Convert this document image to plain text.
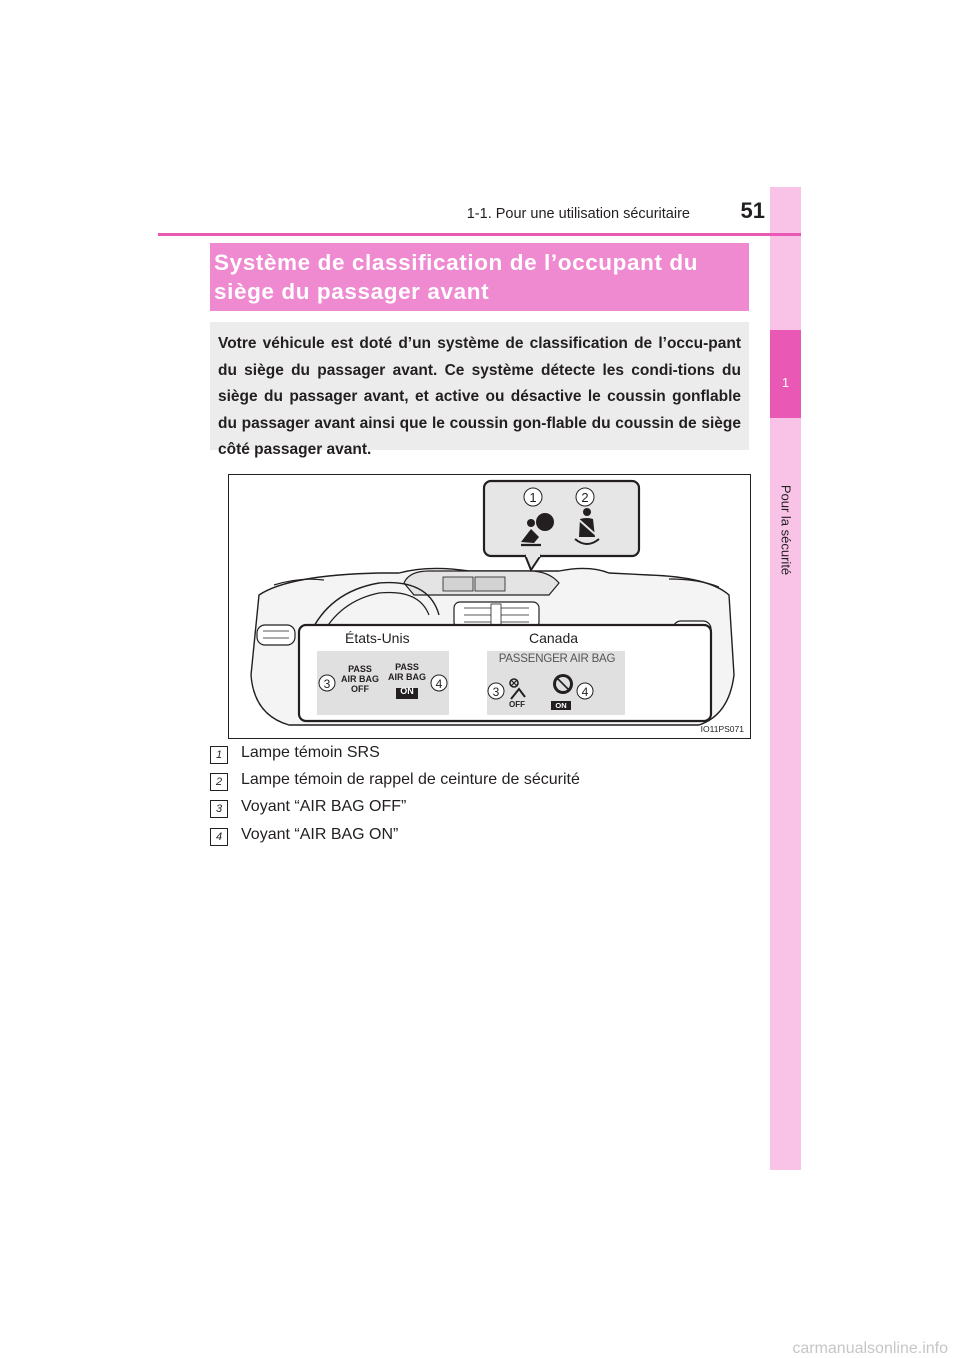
1
Pour la sécurité
1-1. Pour une utilisation sécuritaire	51
Système de classification de l’occupant du
siège du passager avant
Votre véhicule est doté d’un système de classification de l’occu-pant du siège du passager avant. Ce système détecte les condi-tions du siège du passager avant, et active ou désactive le coussin gonflable du passager avant ainsi que le coussin gon-flable du coussin de siège côté passager avant.
1	2
États-Unis	Canada
3
PASS
AIR BAG
OFF
PASS
AIR BAG
ON	4
PASSENGER AIR BAG
3
OFF	ON
4
IO11PS071
1	Lampe témoin SRS
2	Lampe témoin de rappel de ceinture de sécurité
3	Voyant “AIR BAG OFF”
4	Voyant “AIR BAG ON”
carmanualsonline.info
